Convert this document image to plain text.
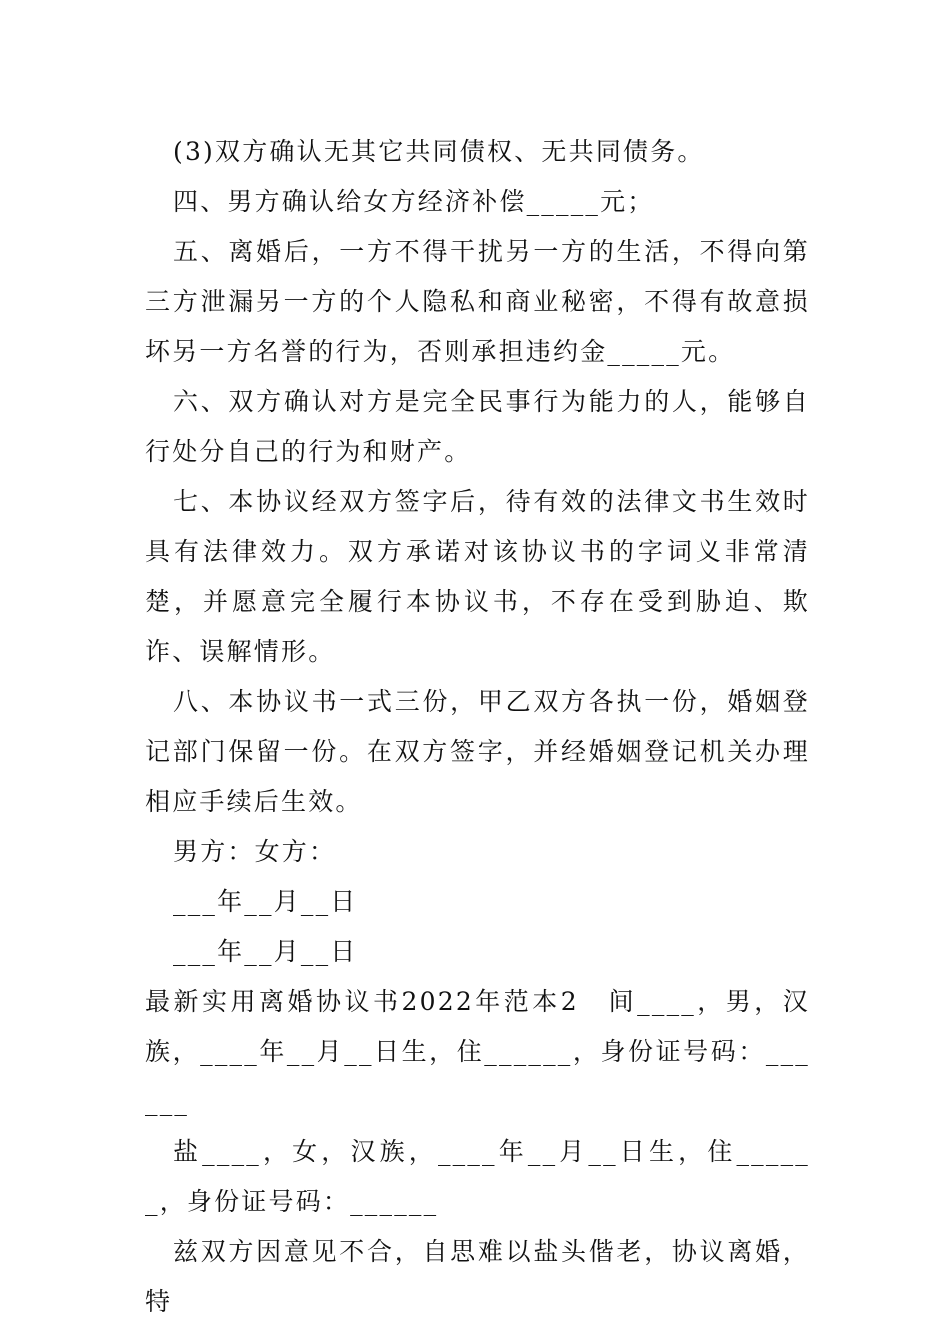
(3)双方确认无其它共同债权、无共同债务。

四、男方确认给女方经济补偿_____元；

五、离婚后，一方不得干扰另一方的生活，不得向第三方泄漏另一方的个人隐私和商业秘密，不得有故意损坏另一方名誉的行为，否则承担违约金_____元。

六、双方确认对方是完全民事行为能力的人，能够自行处分自己的行为和财产。

七、本协议经双方签字后，待有效的法律文书生效时具有法律效力。双方承诺对该协议书的字词义非常清楚，并愿意完全履行本协议书，不存在受到胁迫、欺诈、误解情形。

八、本协议书一式三份，甲乙双方各执一份，婚姻登记部门保留一份。在双方签字，并经婚姻登记机关办理相应手续后生效。

男方：女方：

___年__月__日

___年__月__日

最新实用离婚协议书2022年范本2　间____，男，汉族，____年__月__日生，住______，身份证号码：______

盐____，女，汉族，____年__月__日生，住______，身份证号码：______

兹双方因意见不合，自思难以盐头偕老，协议离婚，特
